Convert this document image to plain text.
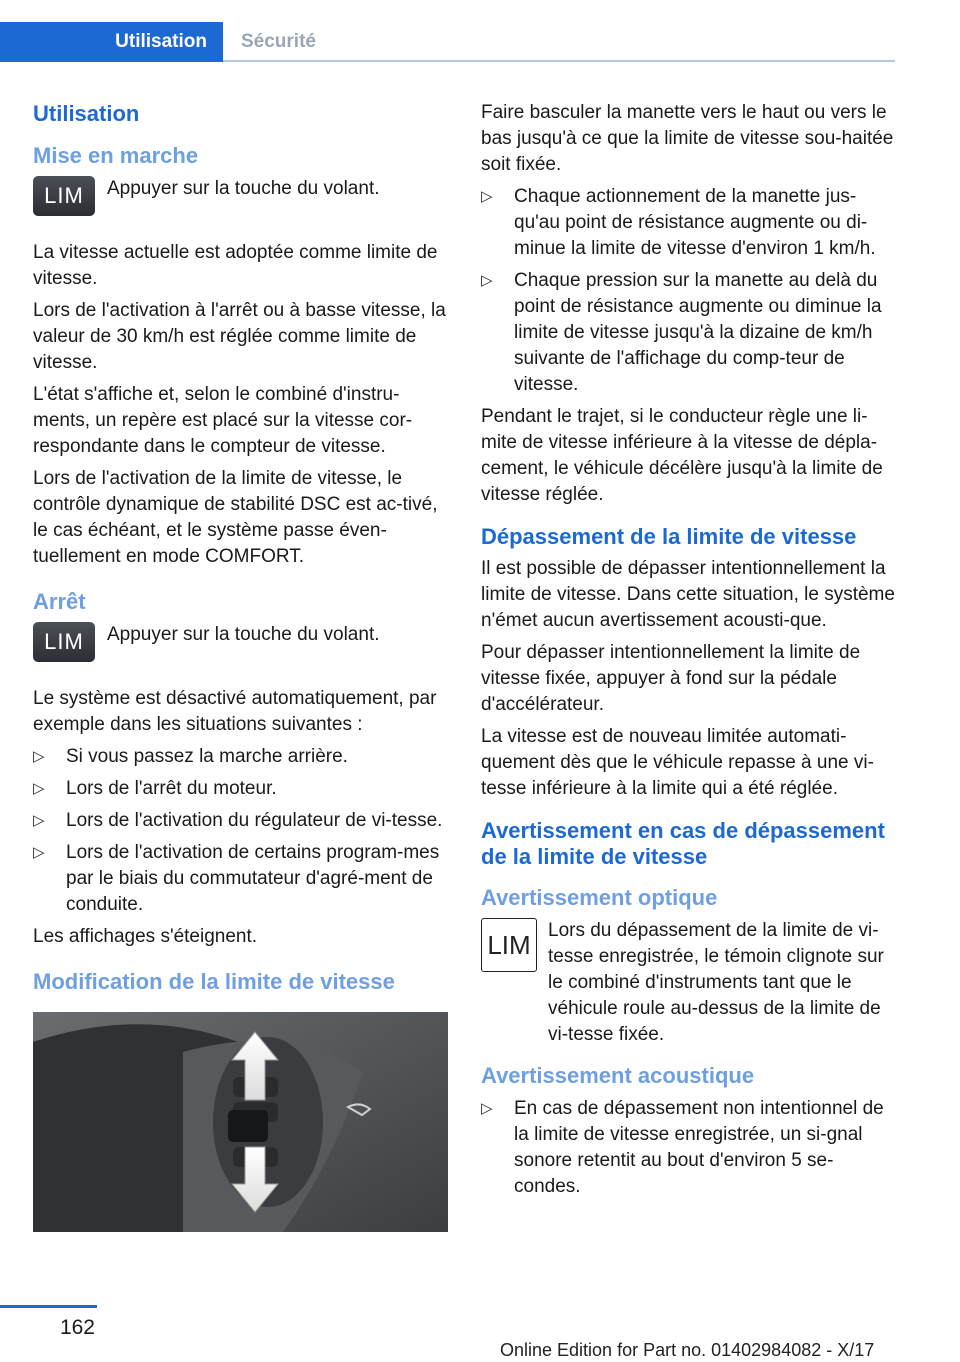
Utilisation	Sécurité
Utilisation
Mise en marche
LIM	Appuyer sur la touche du volant.

La vitesse actuelle est adoptée comme limite de vitesse.

Lors de l'activation à l'arrêt ou à basse vitesse, la valeur de 30 km/h est réglée comme limite de vitesse.

L'état s'affiche et, selon le combiné d'instru-ments, un repère est placé sur la vitesse cor-respondante dans le compteur de vitesse.

Lors de l'activation de la limite de vitesse, le contrôle dynamique de stabilité DSC est ac-tivé, le cas échéant, et le système passe éven-tuellement en mode COMFORT.

Arrêt
LIM	Appuyer sur la touche du volant.

Le système est désactivé automatiquement, par exemple dans les situations suivantes :

▷ Si vous passez la marche arrière.
▷ Lors de l'arrêt du moteur.
▷ Lors de l'activation du régulateur de vi-tesse.
▷ Lors de l'activation de certains program-mes par le biais du commutateur d'agré-ment de conduite.

Les affichages s'éteignent.

Modification de la limite de vitesse

Faire basculer la manette vers le haut ou vers le bas jusqu'à ce que la limite de vitesse sou-haitée soit fixée.

▷ Chaque actionnement de la manette jus-qu'au point de résistance augmente ou di-minue la limite de vitesse d'environ 1 km/h.
▷ Chaque pression sur la manette au delà du point de résistance augmente ou diminue la limite de vitesse jusqu'à la dizaine de km/h suivante de l'affichage du comp-teur de vitesse.

Pendant le trajet, si le conducteur règle une li-mite de vitesse inférieure à la vitesse de dépla-cement, le véhicule décélère jusqu'à la limite de vitesse réglée.

Dépassement de la limite de vitesse

Il est possible de dépasser intentionnellement la limite de vitesse. Dans cette situation, le système n'émet aucun avertissement acousti-que.

Pour dépasser intentionnellement la limite de vitesse fixée, appuyer à fond sur la pédale d'accélérateur.

La vitesse est de nouveau limitée automati-quement dès que le véhicule repasse à une vi-tesse inférieure à la limite qui a été réglée.

Avertissement en cas de dépassement de la limite de vitesse
Avertissement optique
LIM Lors du dépassement de la limite de vi-tesse enregistrée, le témoin clignote sur le combiné d'instruments tant que le véhicule roule au-dessus de la limite de vi-tesse fixée.
Avertissement acoustique
▷ En cas de dépassement non intentionnel de la limite de vitesse enregistrée, un si-gnal sonore retentit au bout d'environ 5 se-condes.
162
Online Edition for Part no. 01402984082 - X/17
